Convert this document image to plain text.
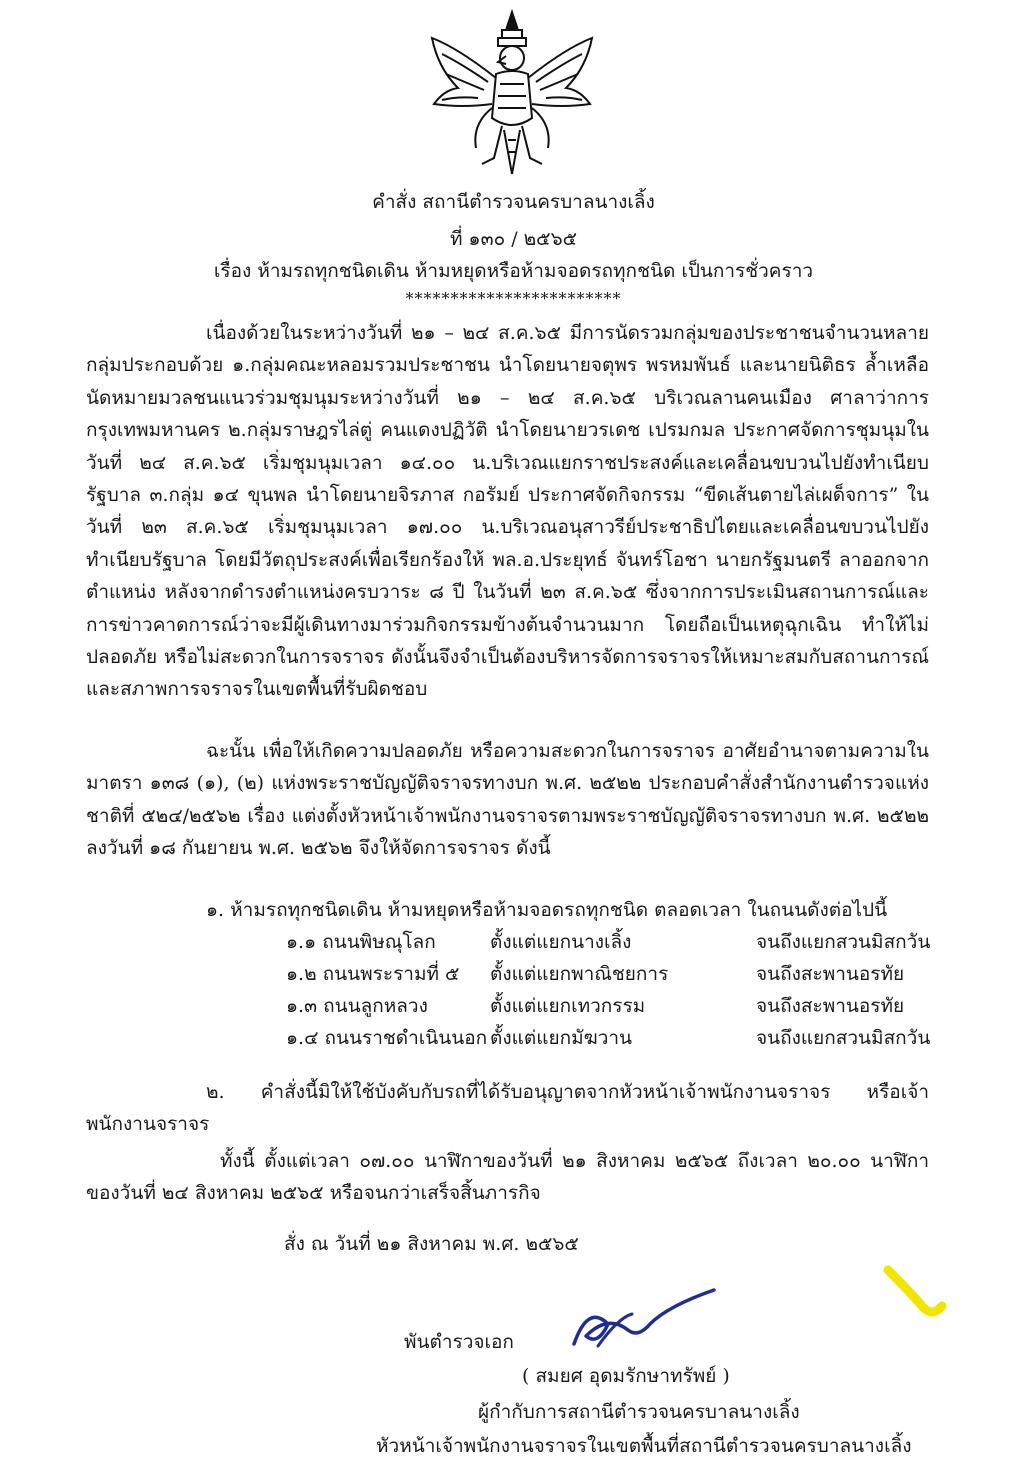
คำสั่ง สถานีตำรวจนครบาลนางเลิ้ง
ที่ ๑๓๐ / ๒๕๖๕
เรื่อง ห้ามรถทุกชนิดเดิน ห้ามหยุดหรือห้ามจอดรถทุกชนิด เป็นการชั่วคราว
************************
เนื่องด้วยในระหว่างวันที่ ๒๑ – ๒๔ ส.ค.๖๕ มีการนัดรวมกลุ่มของประชาชนจำนวนหลายกลุ่มประกอบด้วย ๑.กลุ่มคณะหลอมรวมประชาชน นำโดยนายจตุพร พรหมพันธ์ และนายนิติธร ล้ำเหลือ นัดหมายมวลชนแนวร่วมชุมนุมระหว่างวันที่ ๒๑ – ๒๔ ส.ค.๖๕ บริเวณลานคนเมือง ศาลาว่าการกรุงเทพมหานคร ๒.กลุ่มราษฎรไล่ตู่ คนแดงปฏิวัติ นำโดยนายวรเดช เปรมกมล ประกาศจัดการชุมนุมในวันที่ ๒๔ ส.ค.๖๕ เริ่มชุมนุมเวลา ๑๔.๐๐ น.บริเวณแยกราชประสงค์และเคลื่อนขบวนไปยังทำเนียบรัฐบาล ๓.กลุ่ม ๑๔ ขุนพล นำโดยนายจิรภาส กอรัมย์ ประกาศจัดกิจกรรม “ขีดเส้นตายไล่เผด็จการ” ในวันที่ ๒๓ ส.ค.๖๕ เริ่มชุมนุมเวลา ๑๗.๐๐ น.บริเวณอนุสาวรีย์ประชาธิปไตยและเคลื่อนขบวนไปยังทำเนียบรัฐบาล โดยมีวัตถุประสงค์เพื่อเรียกร้องให้ พล.อ.ประยุทธ์ จันทร์โอชา นายกรัฐมนตรี ลาออกจากตำแหน่ง หลังจากดำรงตำแหน่งครบวาระ ๘ ปี ในวันที่ ๒๓ ส.ค.๖๕ ซึ่งจากการประเมินสถานการณ์และการข่าวคาดการณ์ว่าจะมีผู้เดินทางมาร่วมกิจกรรมข้างต้นจำนวนมาก โดยถือเป็นเหตุฉุกเฉิน ทำให้ไม่ปลอดภัย หรือไม่สะดวกในการจราจร ดังนั้นจึงจำเป็นต้องบริหารจัดการจราจรให้เหมาะสมกับสถานการณ์และสภาพการจราจรในเขตพื้นที่รับผิดชอบ
ฉะนั้น เพื่อให้เกิดความปลอดภัย หรือความสะดวกในการจราจร อาศัยอำนาจตามความในมาตรา ๑๓๘ (๑), (๒) แห่งพระราชบัญญัติจราจรทางบก พ.ศ. ๒๕๒๒ ประกอบคำสั่งสำนักงานตำรวจแห่งชาติที่ ๕๒๔/๒๕๖๒ เรื่อง แต่งตั้งหัวหน้าเจ้าพนักงานจราจรตามพระราชบัญญัติจราจรทางบก พ.ศ. ๒๕๒๒ ลงวันที่ ๑๘ กันยายน พ.ศ. ๒๕๖๒ จึงให้จัดการจราจร ดังนี้
๑. ห้ามรถทุกชนิดเดิน ห้ามหยุดหรือห้ามจอดรถทุกชนิด ตลอดเวลา ในถนนดังต่อไปนี้
๑.๑ ถนนพิษณุโลก	ตั้งแต่แยกนางเลิ้ง	จนถึงแยกสวนมิสกวัน
๑.๒ ถนนพระรามที่ ๕ ตั้งแต่แยกพาณิชยการ	จนถึงสะพานอรทัย
๑.๓ ถนนลูกหลวง	ตั้งแต่แยกเทวกรรม	จนถึงสะพานอรทัย
๑.๔ ถนนราชดำเนินนอก ตั้งแต่แยกมัฆวาน	จนถึงแยกสวนมิสกวัน
๒. คำสั่งนี้มิให้ใช้บังคับกับรถที่ได้รับอนุญาตจากหัวหน้าเจ้าพนักงานจราจร หรือเจ้าพนักงานจราจร
ทั้งนี้ ตั้งแต่เวลา ๐๗.๐๐ นาฬิกาของวันที่ ๒๑ สิงหาคม ๒๕๖๕ ถึงเวลา ๒๐.๐๐ นาฬิกาของวันที่ ๒๔ สิงหาคม ๒๕๖๕ หรือจนกว่าเสร็จสิ้นภารกิจ
สั่ง ณ วันที่ ๒๑ สิงหาคม พ.ศ. ๒๕๖๕
พันตำรวจเอก
( สมยศ อุดมรักษาทรัพย์ )
ผู้กำกับการสถานีตำรวจนครบาลนางเลิ้ง
หัวหน้าเจ้าพนักงานจราจรในเขตพื้นที่สถานีตำรวจนครบาลนางเลิ้ง
